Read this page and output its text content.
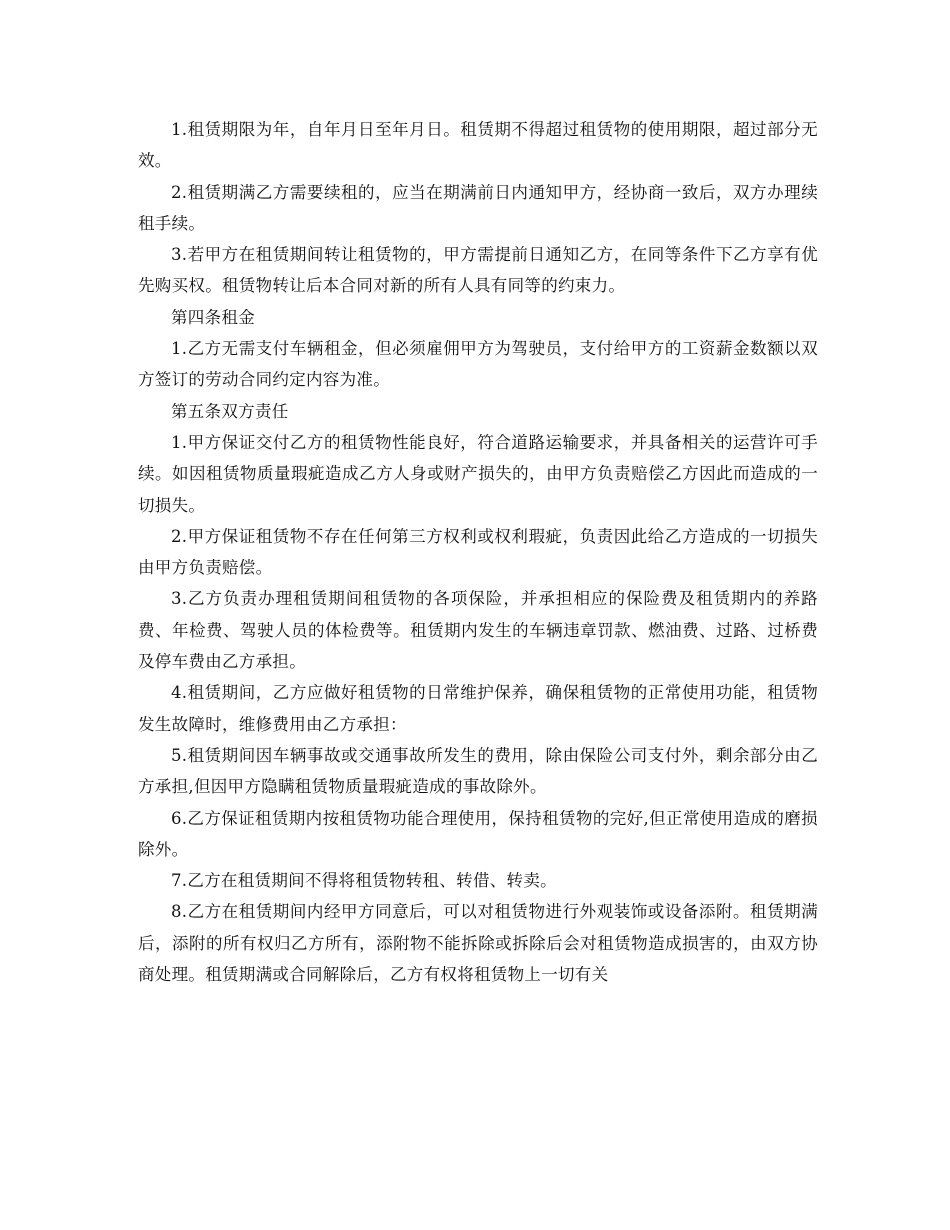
1.租赁期限为年，自年月日至年月日。租赁期不得超过租赁物的使用期限，超过部分无效。

2.租赁期满乙方需要续租的，应当在期满前日内通知甲方，经协商一致后，双方办理续租手续。

3.若甲方在租赁期间转让租赁物的，甲方需提前日通知乙方，在同等条件下乙方享有优先购买权。租赁物转让后本合同对新的所有人具有同等的约束力。

第四条租金

1.乙方无需支付车辆租金，但必须雇佣甲方为驾驶员，支付给甲方的工资薪金数额以双方签订的劳动合同约定内容为准。

第五条双方责任

1.甲方保证交付乙方的租赁物性能良好，符合道路运输要求，并具备相关的运营许可手续。如因租赁物质量瑕疵造成乙方人身或财产损失的，由甲方负责赔偿乙方因此而造成的一切损失。

2.甲方保证租赁物不存在任何第三方权利或权利瑕疵，负责因此给乙方造成的一切损失由甲方负责赔偿。

3.乙方负责办理租赁期间租赁物的各项保险，并承担相应的保险费及租赁期内的养路费、年检费、驾驶人员的体检费等。租赁期内发生的车辆违章罚款、燃油费、过路、过桥费及停车费由乙方承担。

4.租赁期间，乙方应做好租赁物的日常维护保养，确保租赁物的正常使用功能，租赁物发生故障时，维修费用由乙方承担：

5.租赁期间因车辆事故或交通事故所发生的费用，除由保险公司支付外，剩余部分由乙方承担,但因甲方隐瞒租赁物质量瑕疵造成的事故除外。

6.乙方保证租赁期内按租赁物功能合理使用，保持租赁物的完好,但正常使用造成的磨损除外。

7.乙方在租赁期间不得将租赁物转租、转借、转卖。

8.乙方在租赁期间内经甲方同意后，可以对租赁物进行外观装饰或设备添附。租赁期满后，添附的所有权归乙方所有，添附物不能拆除或拆除后会对租赁物造成损害的，由双方协商处理。租赁期满或合同解除后，乙方有权将租赁物上一切有关
